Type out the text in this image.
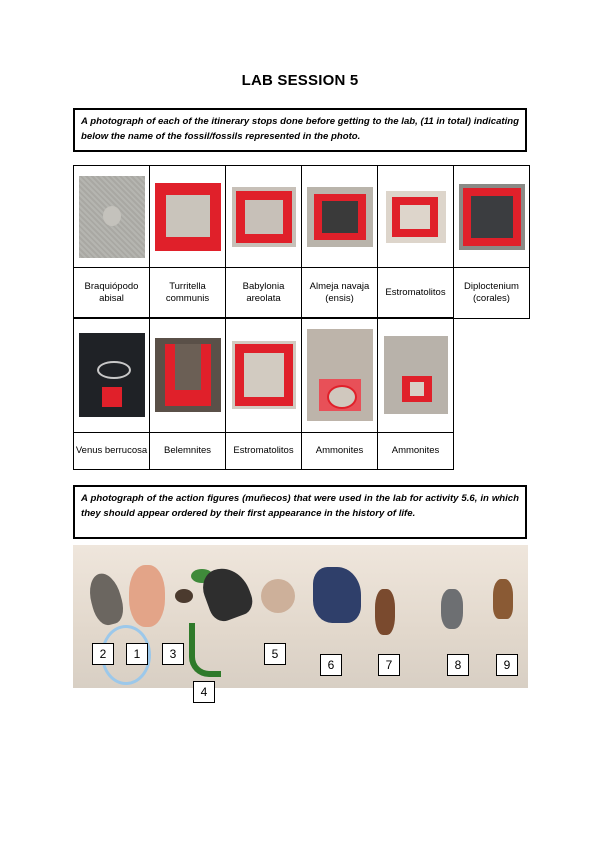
LAB SESSION 5
A photograph of each of the itinerary stops done before getting to the lab, (11 in total) indicating below the name of the fossil/fossils represented in the photo.

Braquiópodo abisal	Turritella communis	Babylonia areolata	Almeja navaja (ensis)	Estromatolitos	Diploctenium (corales)

Venus berrucosa	Belemnites	Estromatolitos	Ammonites	Ammonites
A photograph of the action figures (muñecos) that were used in the lab for activity 5.6, in which they should appear ordered by their first appearance in the history of life.
2	1	3
4
5
6	7	8	9
